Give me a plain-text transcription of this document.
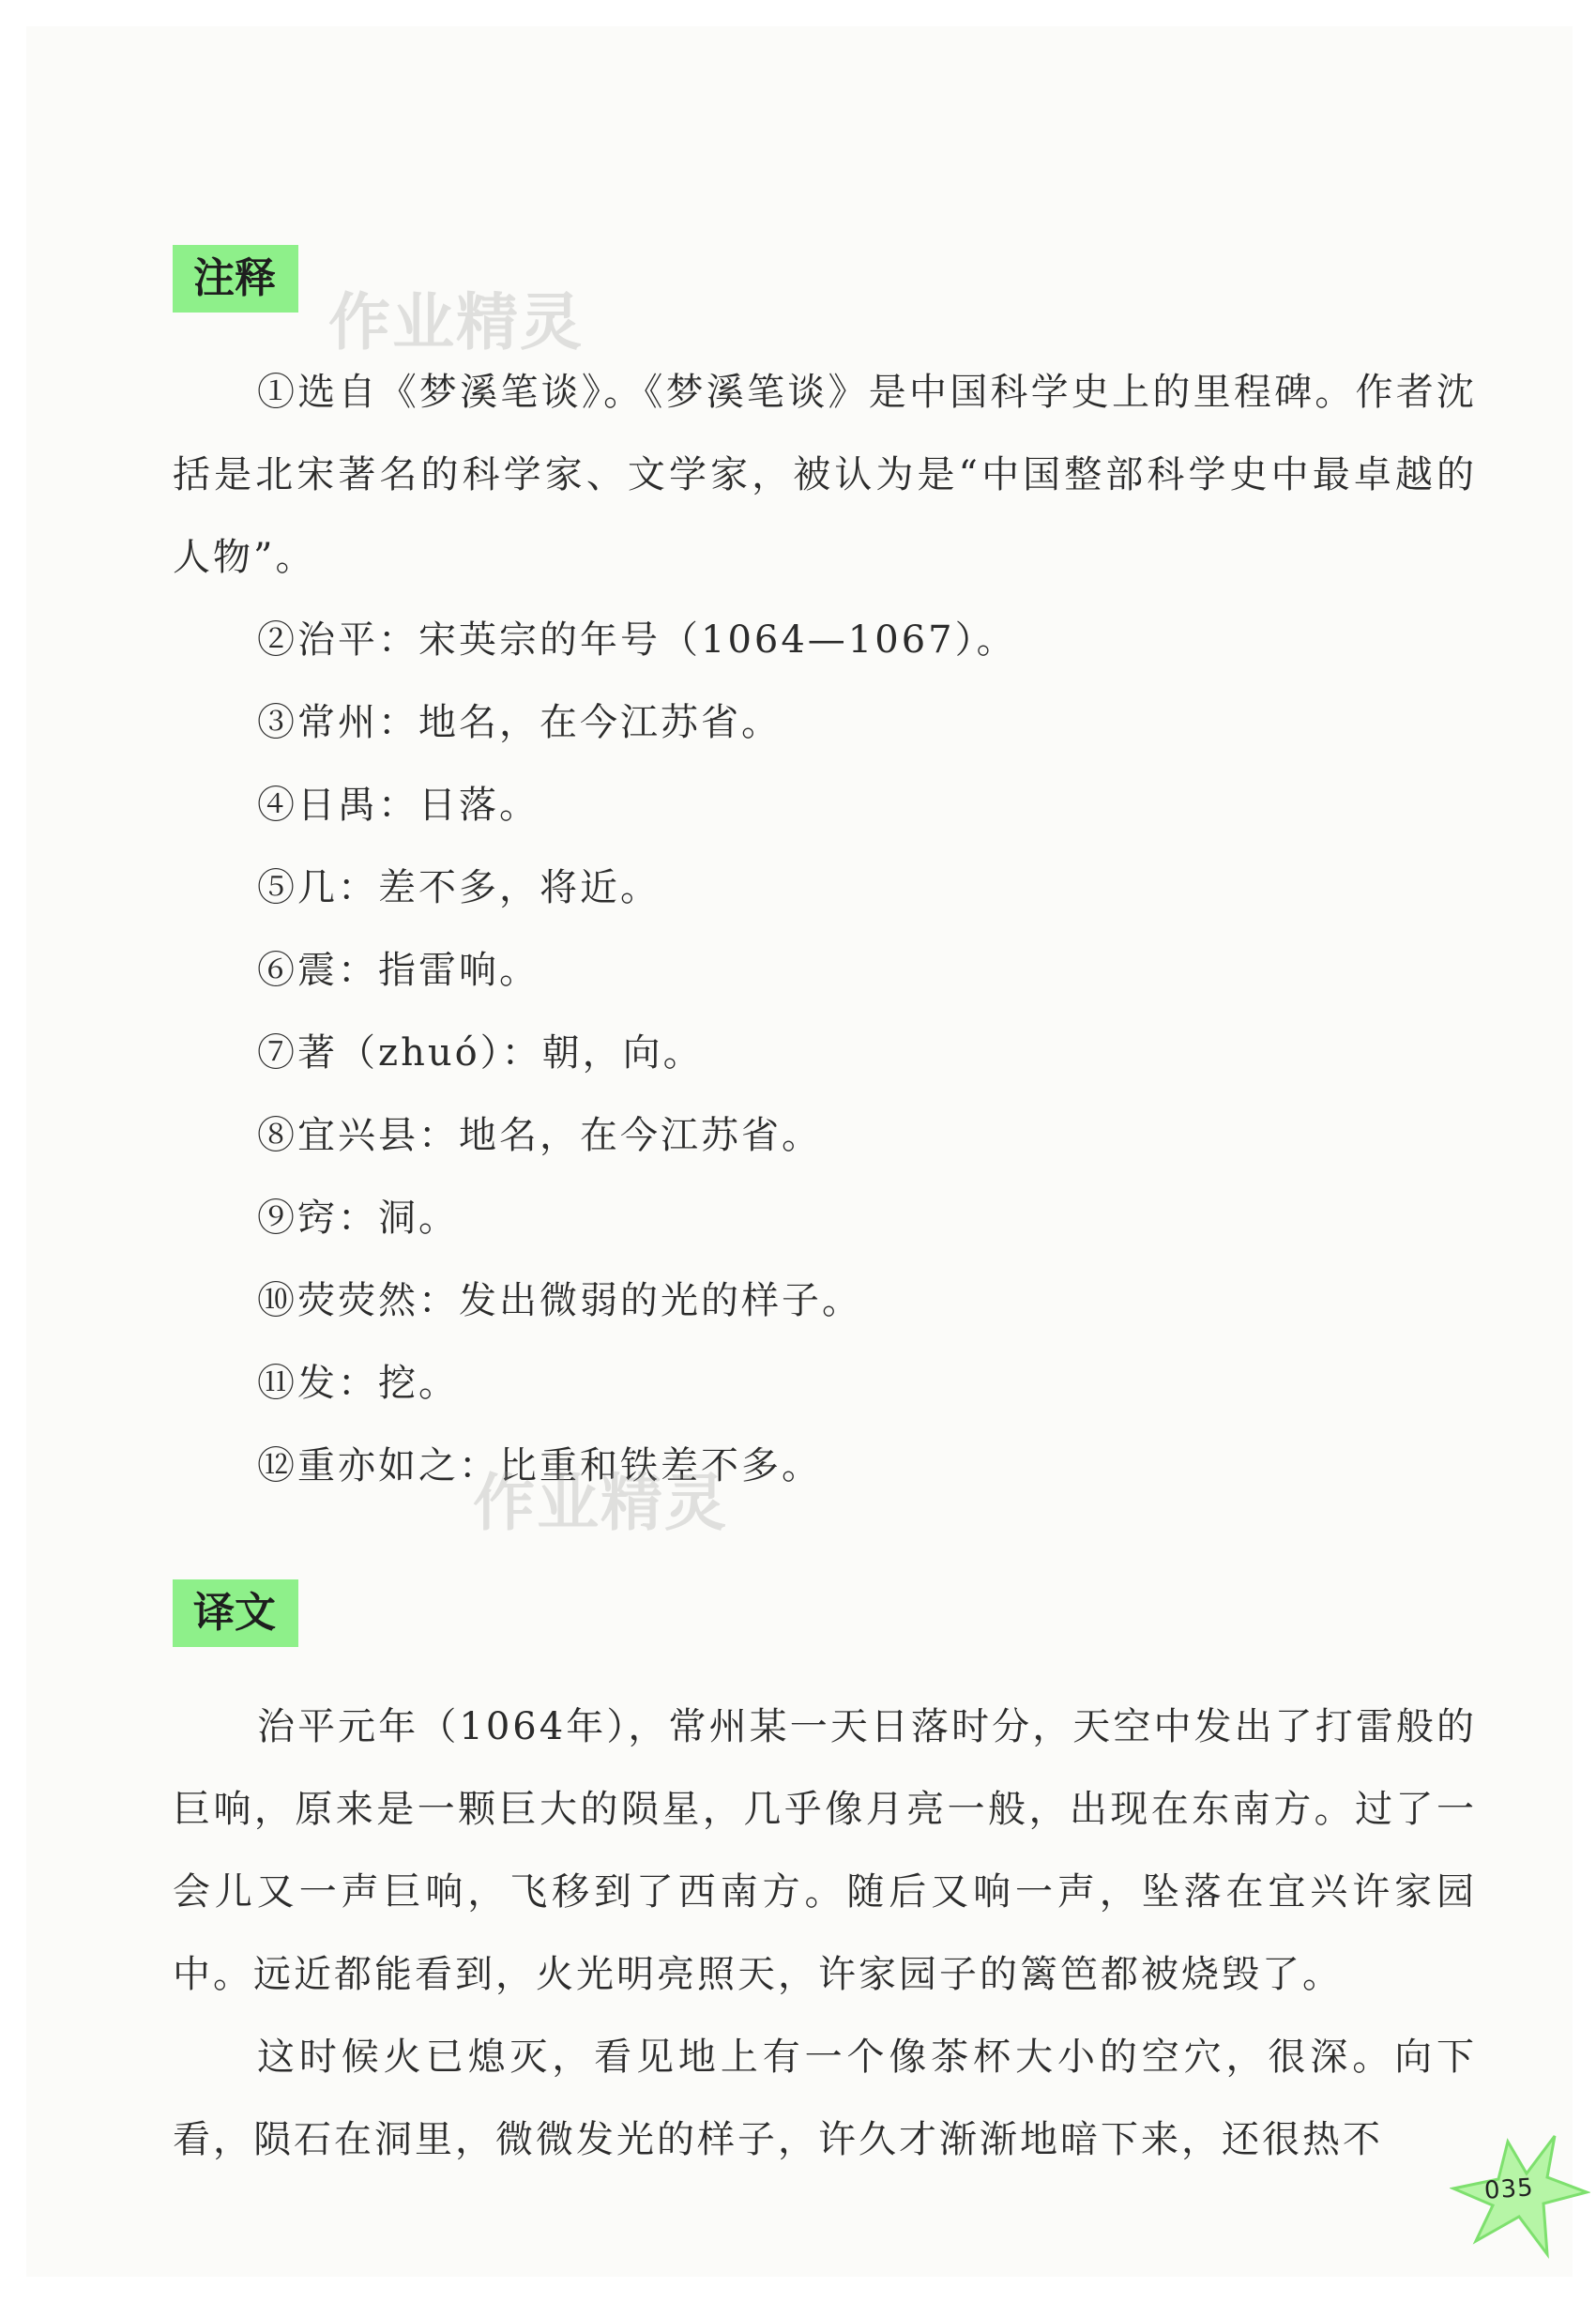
注释
作业精灵

①选自《梦溪笔谈》。《梦溪笔谈》是中国科学史上的里程碑。作者沈括是北宋著名的科学家、文学家，被认为是“中国整部科学史中最卓越的人物”。

②治平：宋英宗的年号（1064—1067）。
③常州：地名，在今江苏省。
④日禺：日落。
⑤几：差不多，将近。
⑥震：指雷响。
⑦著（zhuó）：朝，向。
⑧宜兴县：地名，在今江苏省。
⑨窍：洞。
⑩荧荧然：发出微弱的光的样子。
⑪发：挖。
⑫重亦如之：比重和铁差不多。
作业精灵
译文

治平元年（1064年），常州某一天日落时分，天空中发出了打雷般的巨响，原来是一颗巨大的陨星，几乎像月亮一般，出现在东南方。过了一会儿又一声巨响，飞移到了西南方。随后又响一声，坠落在宜兴许家园中。远近都能看到，火光明亮照天，许家园子的篱笆都被烧毁了。

这时候火已熄灭，看见地上有一个像茶杯大小的空穴，很深。向下看，陨石在洞里，微微发光的样子，许久才渐渐地暗下来，还很热不

035
